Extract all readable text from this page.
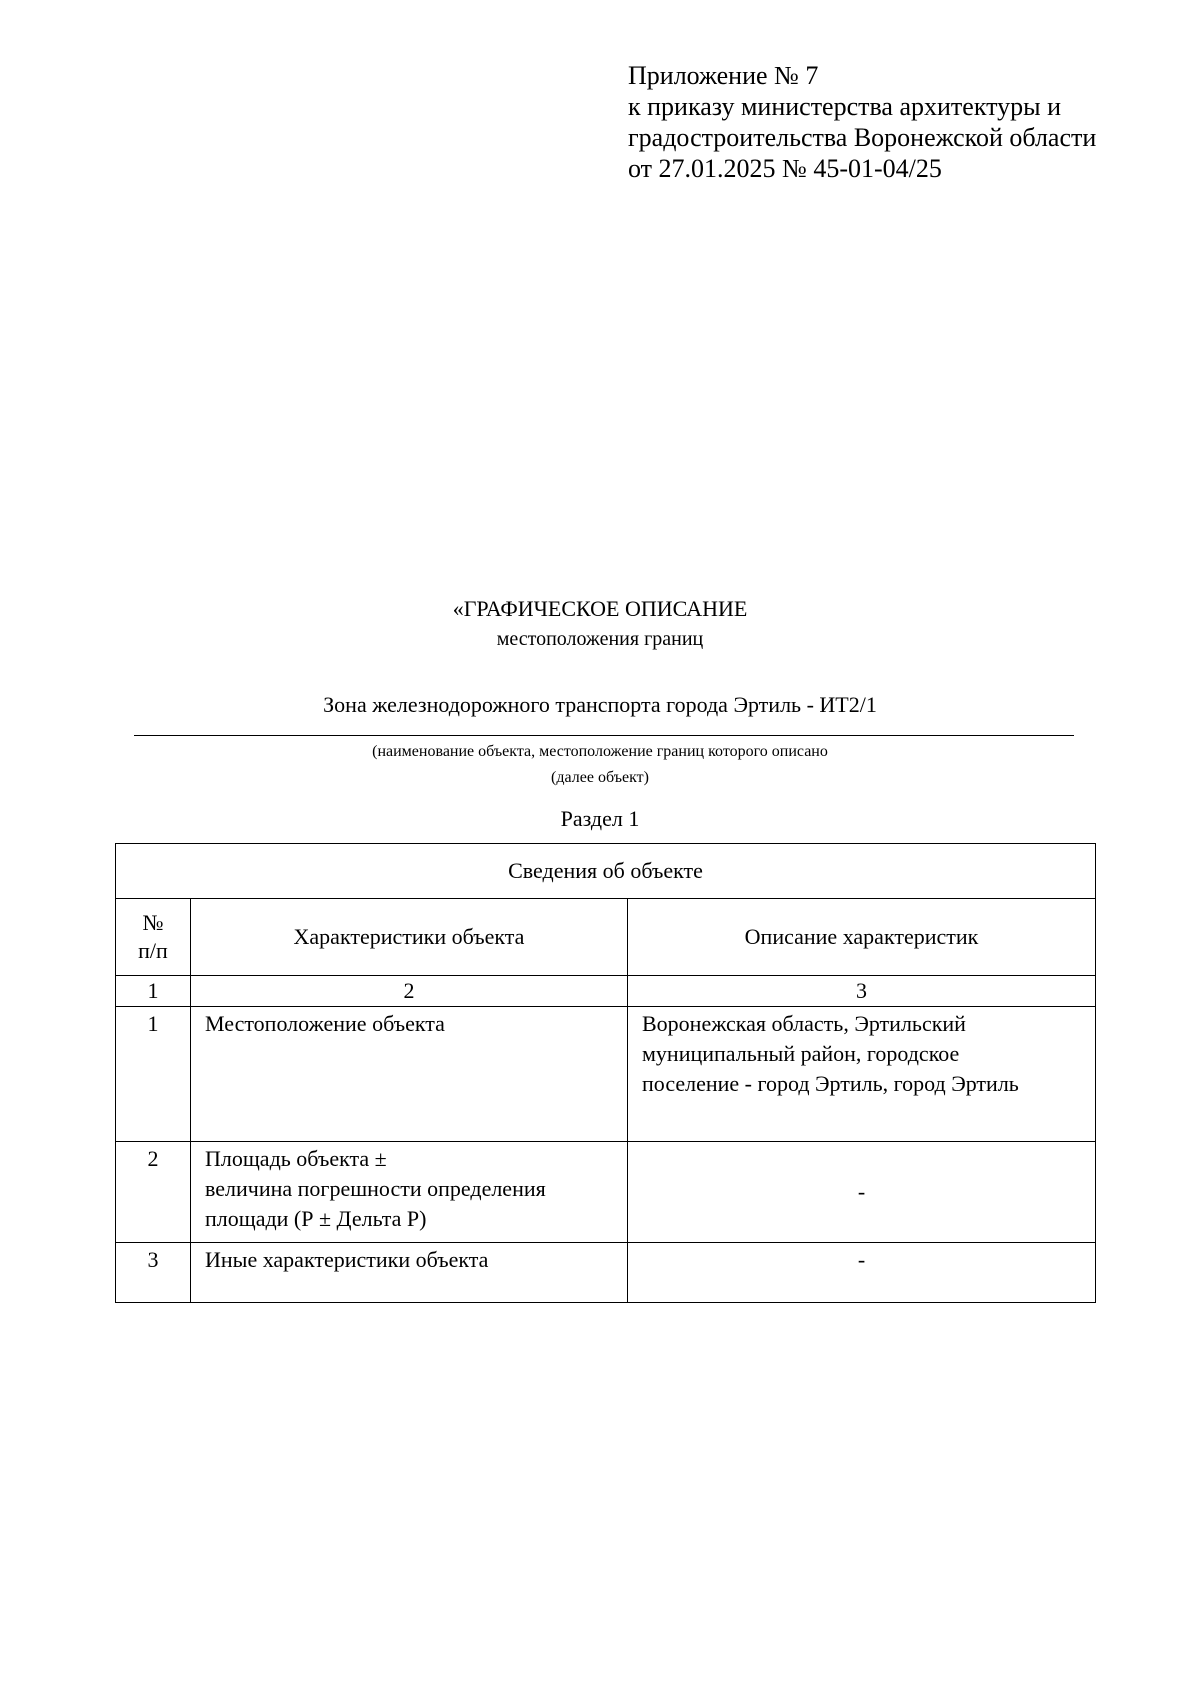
Приложение № 7
к приказу министерства архитектуры и
градостроительства Воронежской области
от 27.01.2025 № 45-01-04/25
«ГРАФИЧЕСКОЕ ОПИСАНИЕ
местоположения границ
Зона железнодорожного транспорта города Эртиль - ИТ2/1
(наименование объекта, местоположение границ которого описано
(далее объект)
Раздел 1
Сведения об объекте		

№
п/п	Характеристики объекта	Описание характеристик
1	2	3
1	Местоположение объекта	Воронежская область, Эртильский
муниципальный район, городское
поселение - город Эртиль, город Эртиль

2	Площадь объекта ±
величина погрешности определения
площади (Р ± Дельта Р)	-
3	Иные характеристики объекта	-
